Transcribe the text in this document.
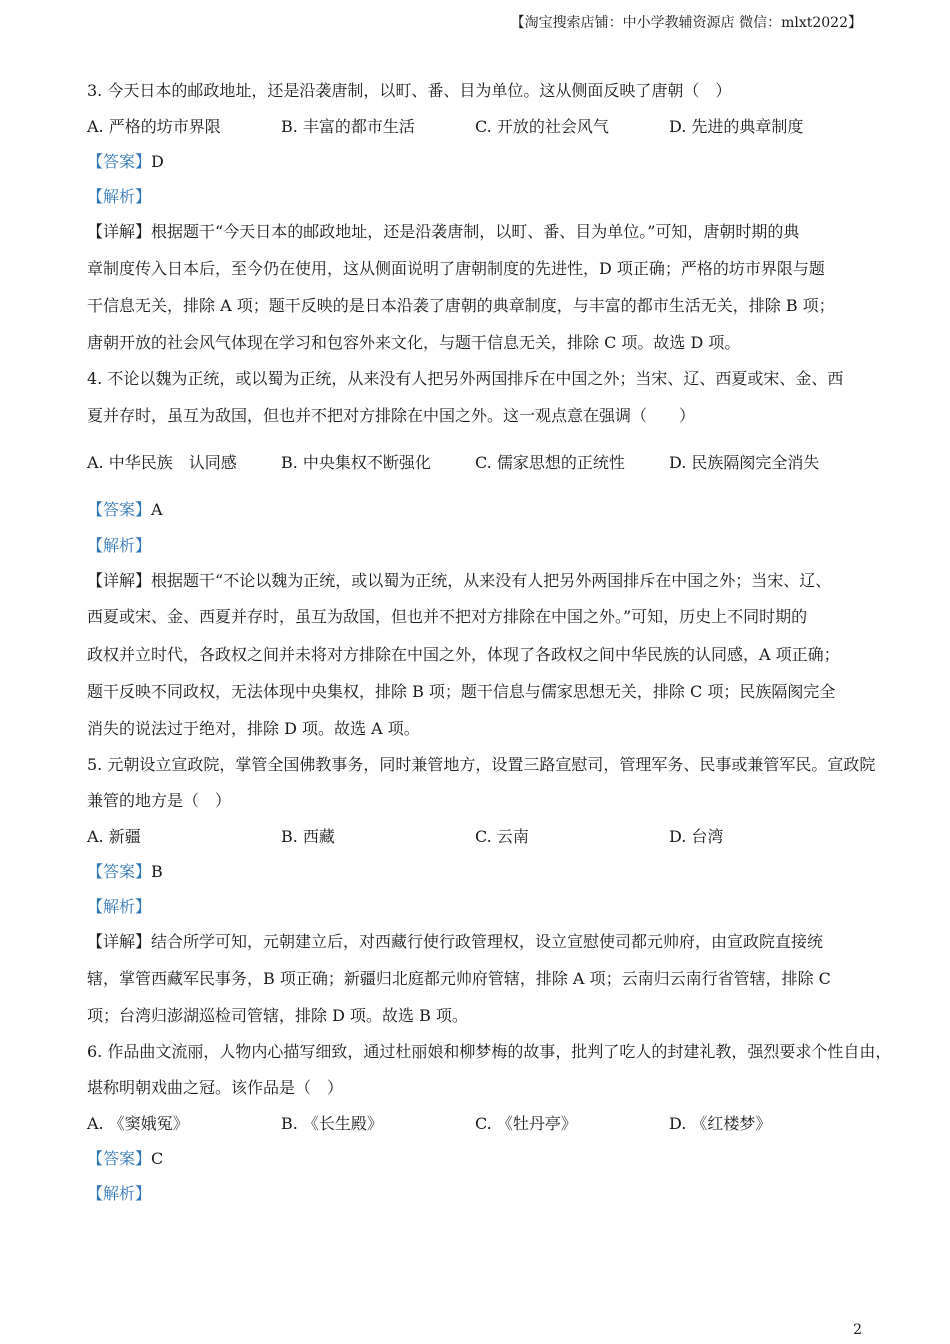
【淘宝搜索店铺：中小学教辅资源店 微信：mlxt2022】
3. 今天日本的邮政地址，还是沿袭唐制，以町、番、目为单位。这从侧面反映了唐朝（　）
A. 严格的坊市界限	B. 丰富的都市生活	C. 开放的社会风气	D. 先进的典章制度
【答案】D
【解析】
【详解】根据题干“今天日本的邮政地址，还是沿袭唐制，以町、番、目为单位。”可知，唐朝时期的典
章制度传入日本后，至今仍在使用，这从侧面说明了唐朝制度的先进性，D 项正确；严格的坊市界限与题
干信息无关，排除 A 项；题干反映的是日本沿袭了唐朝的典章制度，与丰富的都市生活无关，排除 B 项；
唐朝开放的社会风气体现在学习和包容外来文化，与题干信息无关，排除 C 项。故选 D 项。
4. 不论以魏为正统，或以蜀为正统，从来没有人把另外两国排斥在中国之外；当宋、辽、西夏或宋、金、西
夏并存时，虽互为敌国，但也并不把对方排除在中国之外。这一观点意在强调（　　）
A. 中华民族　认同感	B. 中央集权不断强化	C. 儒家思想的正统性	D. 民族隔阂完全消失
【答案】A
【解析】
【详解】根据题干“不论以魏为正统，或以蜀为正统，从来没有人把另外两国排斥在中国之外；当宋、辽、
西夏或宋、金、西夏并存时，虽互为敌国，但也并不把对方排除在中国之外。”可知，历史上不同时期的
政权并立时代，各政权之间并未将对方排除在中国之外，体现了各政权之间中华民族的认同感，A 项正确；
题干反映不同政权，无法体现中央集权，排除 B 项；题干信息与儒家思想无关，排除 C 项；民族隔阂完全
消失的说法过于绝对，排除 D 项。故选 A 项。
5. 元朝设立宣政院，掌管全国佛教事务，同时兼管地方，设置三路宣慰司，管理军务、民事或兼管军民。宣政院
兼管的地方是（　）
A. 新疆	B. 西藏	C. 云南	D. 台湾
【答案】B
【解析】
【详解】结合所学可知，元朝建立后，对西藏行使行政管理权，设立宣慰使司都元帅府，由宣政院直接统
辖，掌管西藏军民事务，B 项正确；新疆归北庭都元帅府管辖，排除 A 项；云南归云南行省管辖，排除 C
项；台湾归澎湖巡检司管辖，排除 D 项。故选 B 项。
6. 作品曲文流丽，人物内心描写细致，通过杜丽娘和柳梦梅的故事，批判了吃人的封建礼教，强烈要求个性自由，
堪称明朝戏曲之冠。该作品是（　）
A. 《窦娥冤》	B. 《长生殿》	C. 《牡丹亭》	D. 《红楼梦》
【答案】C
【解析】
2
